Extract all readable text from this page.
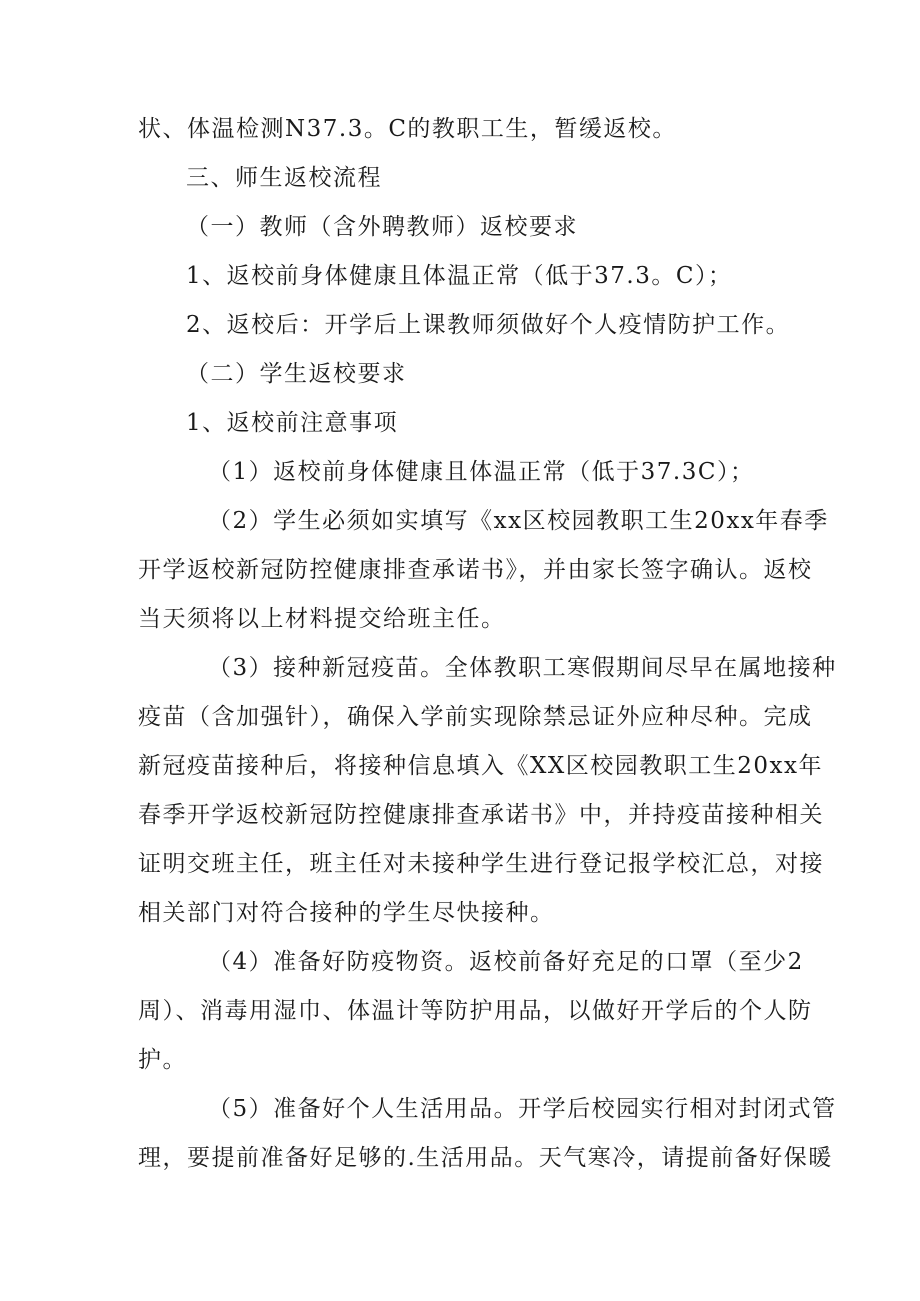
状、体温检测N37.3。C的教职工生，暂缓返校。

三、师生返校流程

（一）教师（含外聘教师）返校要求

1、返校前身体健康且体温正常（低于37.3。C）；

2、返校后：开学后上课教师须做好个人疫情防护工作。

（二）学生返校要求

1、返校前注意事项

（1）返校前身体健康且体温正常（低于37.3C）；

（2）学生必须如实填写《xx区校园教职工生20xx年春季

开学返校新冠防控健康排查承诺书》，并由家长签字确认。返校

当天须将以上材料提交给班主任。

（3）接种新冠疫苗。全体教职工寒假期间尽早在属地接种

疫苗（含加强针），确保入学前实现除禁忌证外应种尽种。完成

新冠疫苗接种后，将接种信息填入《XX区校园教职工生20xx年

春季开学返校新冠防控健康排查承诺书》中，并持疫苗接种相关

证明交班主任，班主任对未接种学生进行登记报学校汇总，对接

相关部门对符合接种的学生尽快接种。

（4）准备好防疫物资。返校前备好充足的口罩（至少2

周）、消毒用湿巾、体温计等防护用品，以做好开学后的个人防

护。

（5）准备好个人生活用品。开学后校园实行相对封闭式管

理，要提前准备好足够的.生活用品。天气寒冷，请提前备好保暖
